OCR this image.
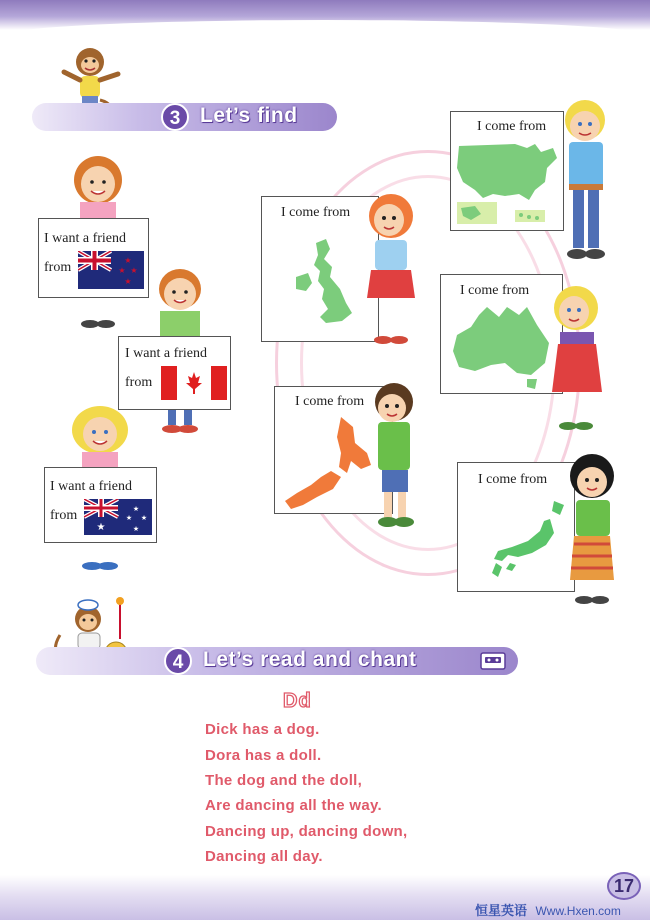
3 Let’s find
I want a friend
from	★
★ ★
★
I want a friend
from
I want a friend
from
★
★
★ ★
★
I come from
I come from
I come from
I come from
I come from
4 Let’s read and chant
Dd
Dick has a dog.
Dora has a doll.
The dog and the doll,
Are dancing all the way.
Dancing up, dancing down,
Dancing all day.
17
恒星英语 Www.Hxen.com
